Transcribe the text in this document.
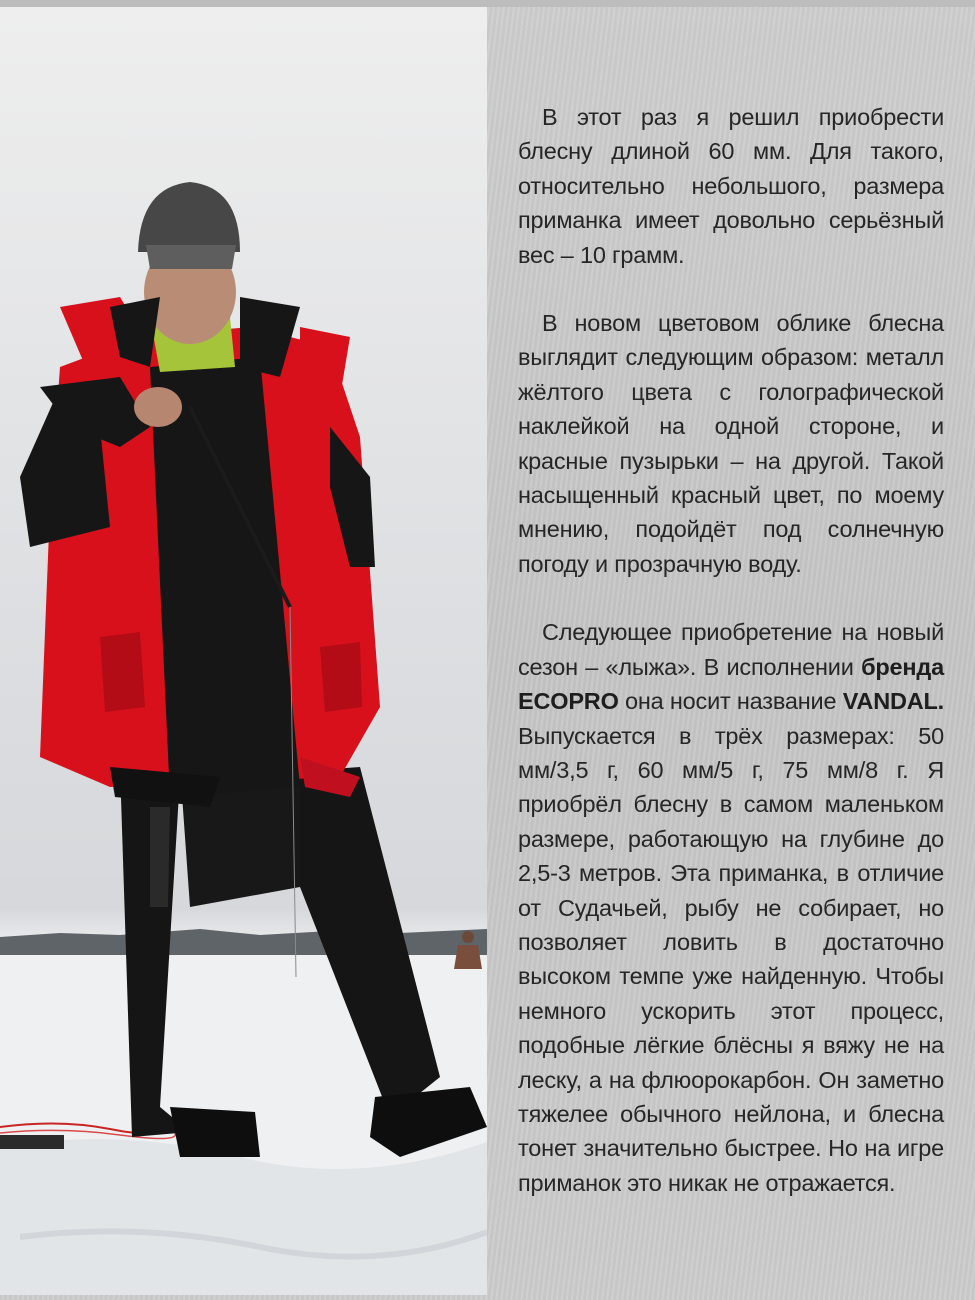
В этот раз я решил приобрести блесну длиной 60 мм. Для такого, относительно небольшого, размера приманка имеет довольно серьёзный вес – 10 грамм.

В новом цветовом облике блесна выглядит следующим образом: металл жёлтого цвета с голографической наклейкой на одной стороне, и красные пузырьки – на другой. Такой насыщенный красный цвет, по моему мнению, подойдёт под солнечную погоду и прозрачную воду.

Следующее приобретение на новый сезон – «лыжа». В исполнении бренда ECOPRO она носит название VANDAL. Выпускается в трёх размерах: 50 мм/3,5 г, 60 мм/5 г, 75 мм/8 г. Я приобрёл блесну в самом маленьком размере, работающую на глубине до 2,5-3 метров. Эта приманка, в отличие от Судачьей, рыбу не собирает, но позволяет ловить в достаточно высоком темпе уже найденную. Чтобы немного ускорить этот процесс, подобные лёгкие блёсны я вяжу не на леску, а на флюорокарбон. Он заметно тяжелее обычного нейлона, и блесна тонет значительно быстрее. Но на игре приманок это никак не отражается.
